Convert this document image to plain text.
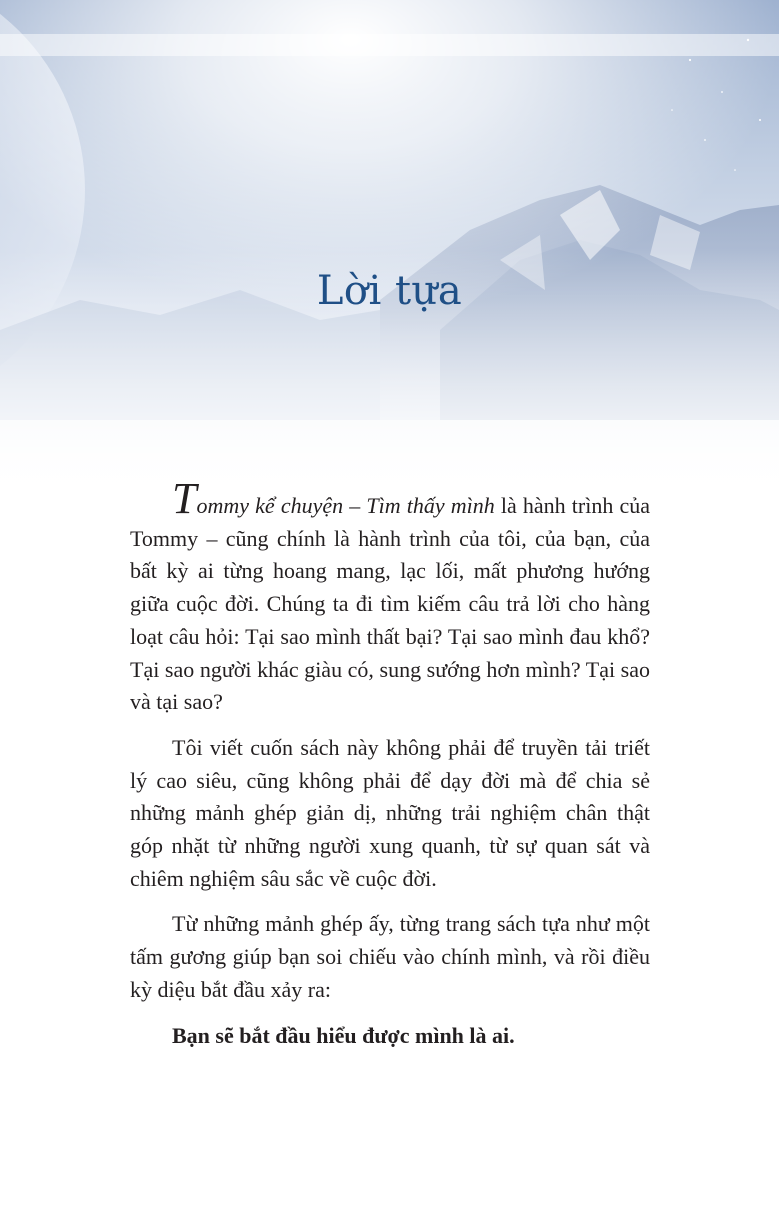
Lời tựa

Tommy kể chuyện – Tìm thấy mình là hành trình của Tommy – cũng chính là hành trình của tôi, của bạn, của bất kỳ ai từng hoang mang, lạc lối, mất phương hướng giữa cuộc đời. Chúng ta đi tìm kiếm câu trả lời cho hàng loạt câu hỏi: Tại sao mình thất bại? Tại sao mình đau khổ? Tại sao người khác giàu có, sung sướng hơn mình? Tại sao và tại sao?

Tôi viết cuốn sách này không phải để truyền tải triết lý cao siêu, cũng không phải để dạy đời mà để chia sẻ những mảnh ghép giản dị, những trải nghiệm chân thật góp nhặt từ những người xung quanh, từ sự quan sát và chiêm nghiệm sâu sắc về cuộc đời.

Từ những mảnh ghép ấy, từng trang sách tựa như một tấm gương giúp bạn soi chiếu vào chính mình, và rồi điều kỳ diệu bắt đầu xảy ra:

Bạn sẽ bắt đầu hiểu được mình là ai.
